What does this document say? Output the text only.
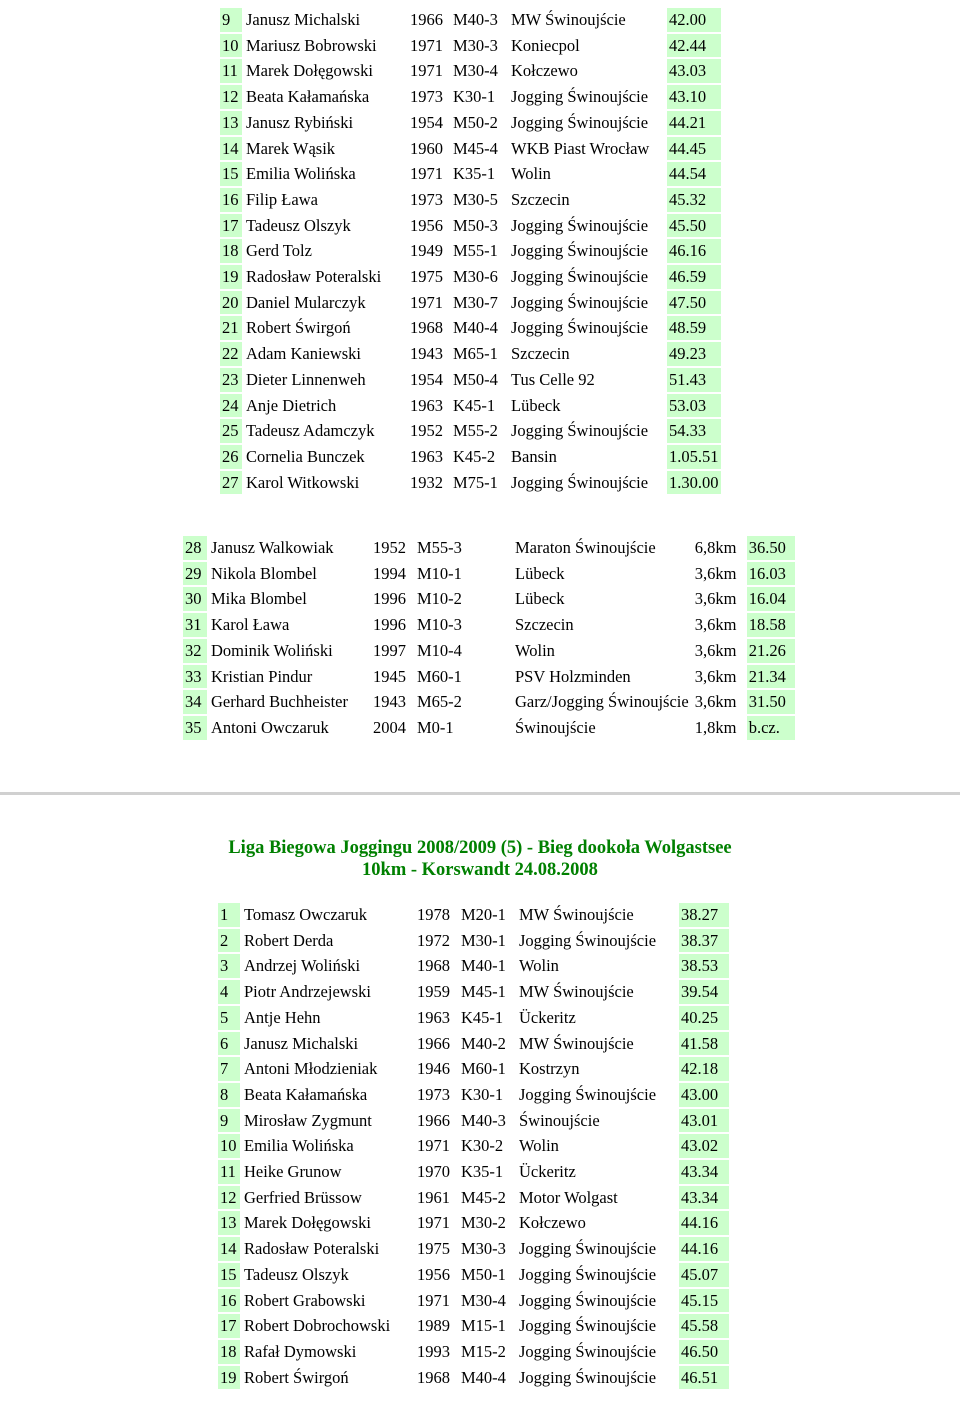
9	Janusz Michalski	1966	M40-3	MW Świnoujście	42.00
10	Mariusz Bobrowski	1971	M30-3	Koniecpol	42.44
11	Marek Dołęgowski	1971	M30-4	Kołczewo	43.03
12	Beata Kałamańska	1973	K30-1	Jogging Świnoujście	43.10
13	Janusz Rybiński	1954	M50-2	Jogging Świnoujście	44.21
14	Marek Wąsik	1960	M45-4	WKB Piast Wrocław	44.45
15	Emilia Wolińska	1971	K35-1	Wolin	44.54
16	Filip Ława	1973	M30-5	Szczecin	45.32
17	Tadeusz Olszyk	1956	M50-3	Jogging Świnoujście	45.50
18	Gerd Tolz	1949	M55-1	Jogging Świnoujście	46.16
19	Radosław Poteralski	1975	M30-6	Jogging Świnoujście	46.59
20	Daniel Mularczyk	1971	M30-7	Jogging Świnoujście	47.50
21	Robert Świrgoń	1968	M40-4	Jogging Świnoujście	48.59
22	Adam Kaniewski	1943	M65-1	Szczecin	49.23
23	Dieter Linnenweh	1954	M50-4	Tus Celle 92	51.43
24	Anje Dietrich	1963	K45-1	Lübeck	53.03
25	Tadeusz Adamczyk	1952	M55-2	Jogging Świnoujście	54.33
26	Cornelia Bunczek	1963	K45-2	Bansin	1.05.51
27	Karol Witkowski	1932	M75-1	Jogging Świnoujście	1.30.00
28	Janusz Walkowiak	1952	M55-3	Maraton Świnoujście	6,8km	36.50
29	Nikola Blombel	1994	M10-1	Lübeck	3,6km	16.03
30	Mika Blombel	1996	M10-2	Lübeck	3,6km	16.04
31	Karol Ława	1996	M10-3	Szczecin	3,6km	18.58
32	Dominik Woliński	1997	M10-4	Wolin	3,6km	21.26
33	Kristian Pindur	1945	M60-1	PSV Holzminden	3,6km	21.34
34	Gerhard Buchheister	1943	M65-2	Garz/Jogging Świnoujście	3,6km	31.50
35	Antoni Owczaruk	2004	M0-1	Świnoujście	1,8km	b.cz.
Liga Biegowa Joggingu 2008/2009 (5) - Bieg dookoła Wolgastsee
10km - Korswandt 24.08.2008
1	Tomasz Owczaruk	1978	M20-1	MW Świnoujście	38.27
2	Robert Derda	1972	M30-1	Jogging Świnoujście	38.37
3	Andrzej Woliński	1968	M40-1	Wolin	38.53
4	Piotr Andrzejewski	1959	M45-1	MW Świnoujście	39.54
5	Antje Hehn	1963	K45-1	Ückeritz	40.25
6	Janusz Michalski	1966	M40-2	MW Świnoujście	41.58
7	Antoni Młodzieniak	1946	M60-1	Kostrzyn	42.18
8	Beata Kałamańska	1973	K30-1	Jogging Świnoujście	43.00
9	Mirosław Zygmunt	1966	M40-3	Świnoujście	43.01
10	Emilia Wolińska	1971	K30-2	Wolin	43.02
11	Heike Grunow	1970	K35-1	Ückeritz	43.34
12	Gerfried Brüssow	1961	M45-2	Motor Wolgast	43.34
13	Marek Dołęgowski	1971	M30-2	Kołczewo	44.16
14	Radosław Poteralski	1975	M30-3	Jogging Świnoujście	44.16
15	Tadeusz Olszyk	1956	M50-1	Jogging Świnoujście	45.07
16	Robert Grabowski	1971	M30-4	Jogging Świnoujście	45.15
17	Robert Dobrochowski	1989	M15-1	Jogging Świnoujście	45.58
18	Rafał Dymowski	1993	M15-2	Jogging Świnoujście	46.50
19	Robert Świrgoń	1968	M40-4	Jogging Świnoujście	46.51
